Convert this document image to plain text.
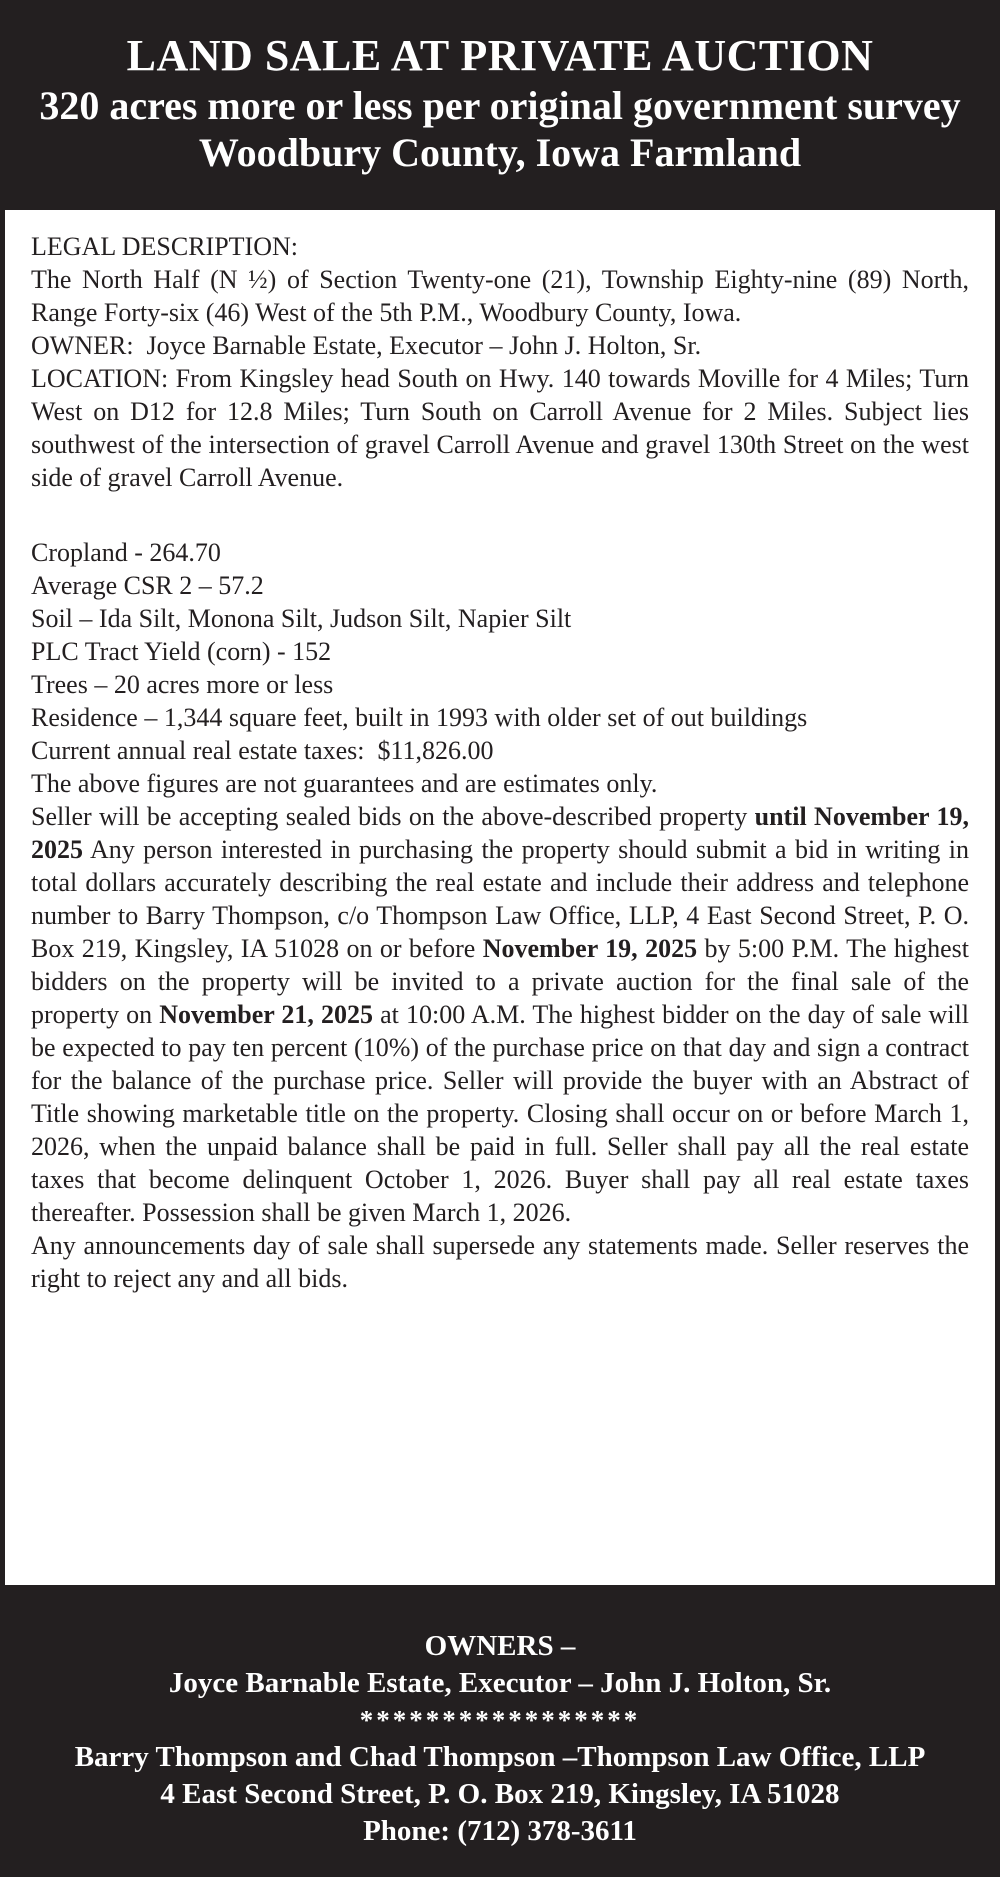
LAND SALE AT PRIVATE AUCTION
320 acres more or less per original government survey
Woodbury County, Iowa Farmland

LEGAL DESCRIPTION:

The North Half (N ½) of Section Twenty-one (21), Township Eighty-nine (89) North, Range Forty-six (46) West of the 5th P.M., Woodbury County, Iowa.

OWNER:  Joyce Barnable Estate, Executor – John J. Holton, Sr.

LOCATION: From Kingsley head South on Hwy. 140 towards Moville for 4 Miles; Turn West on D12 for 12.8 Miles; Turn South on Carroll Avenue for 2 Miles. Subject lies southwest of the intersection of gravel Carroll Avenue and gravel 130th Street on the west side of gravel Carroll Avenue.

Cropland - 264.70

Average CSR 2 – 57.2

Soil – Ida Silt, Monona Silt, Judson Silt, Napier Silt

PLC Tract Yield (corn) - 152

Trees – 20 acres more or less

Residence – 1,344 square feet, built in 1993 with older set of out buildings

Current annual real estate taxes:  $11,826.00

The above figures are not guarantees and are estimates only.

Seller will be accepting sealed bids on the above-described property until November 19, 2025 Any person interested in purchasing the property should submit a bid in writing in total dollars accurately describing the real estate and include their address and telephone number to Barry Thompson, c/o Thompson Law Office, LLP, 4 East Second Street, P. O. Box 219, Kingsley, IA 51028 on or before November 19, 2025 by 5:00 P.M. The highest bidders on the property will be invited to a private auction for the final sale of the property on November 21, 2025 at 10:00 A.M. The highest bidder on the day of sale will be expected to pay ten percent (10%) of the purchase price on that day and sign a contract for the balance of the purchase price. Seller will provide the buyer with an Abstract of Title showing marketable title on the property. Closing shall occur on or before March 1, 2026, when the unpaid balance shall be paid in full. Seller shall pay all the real estate taxes that become delinquent October 1, 2026. Buyer shall pay all real estate taxes thereafter. Possession shall be given March 1, 2026.

Any announcements day of sale shall supersede any statements made. Seller reserves the right to reject any and all bids.

OWNERS –

Joyce Barnable Estate, Executor – John J. Holton, Sr.

*****************

Barry Thompson and Chad Thompson –Thompson Law Office, LLP

4 East Second Street, P. O. Box 219, Kingsley, IA 51028

Phone: (712) 378-3611
